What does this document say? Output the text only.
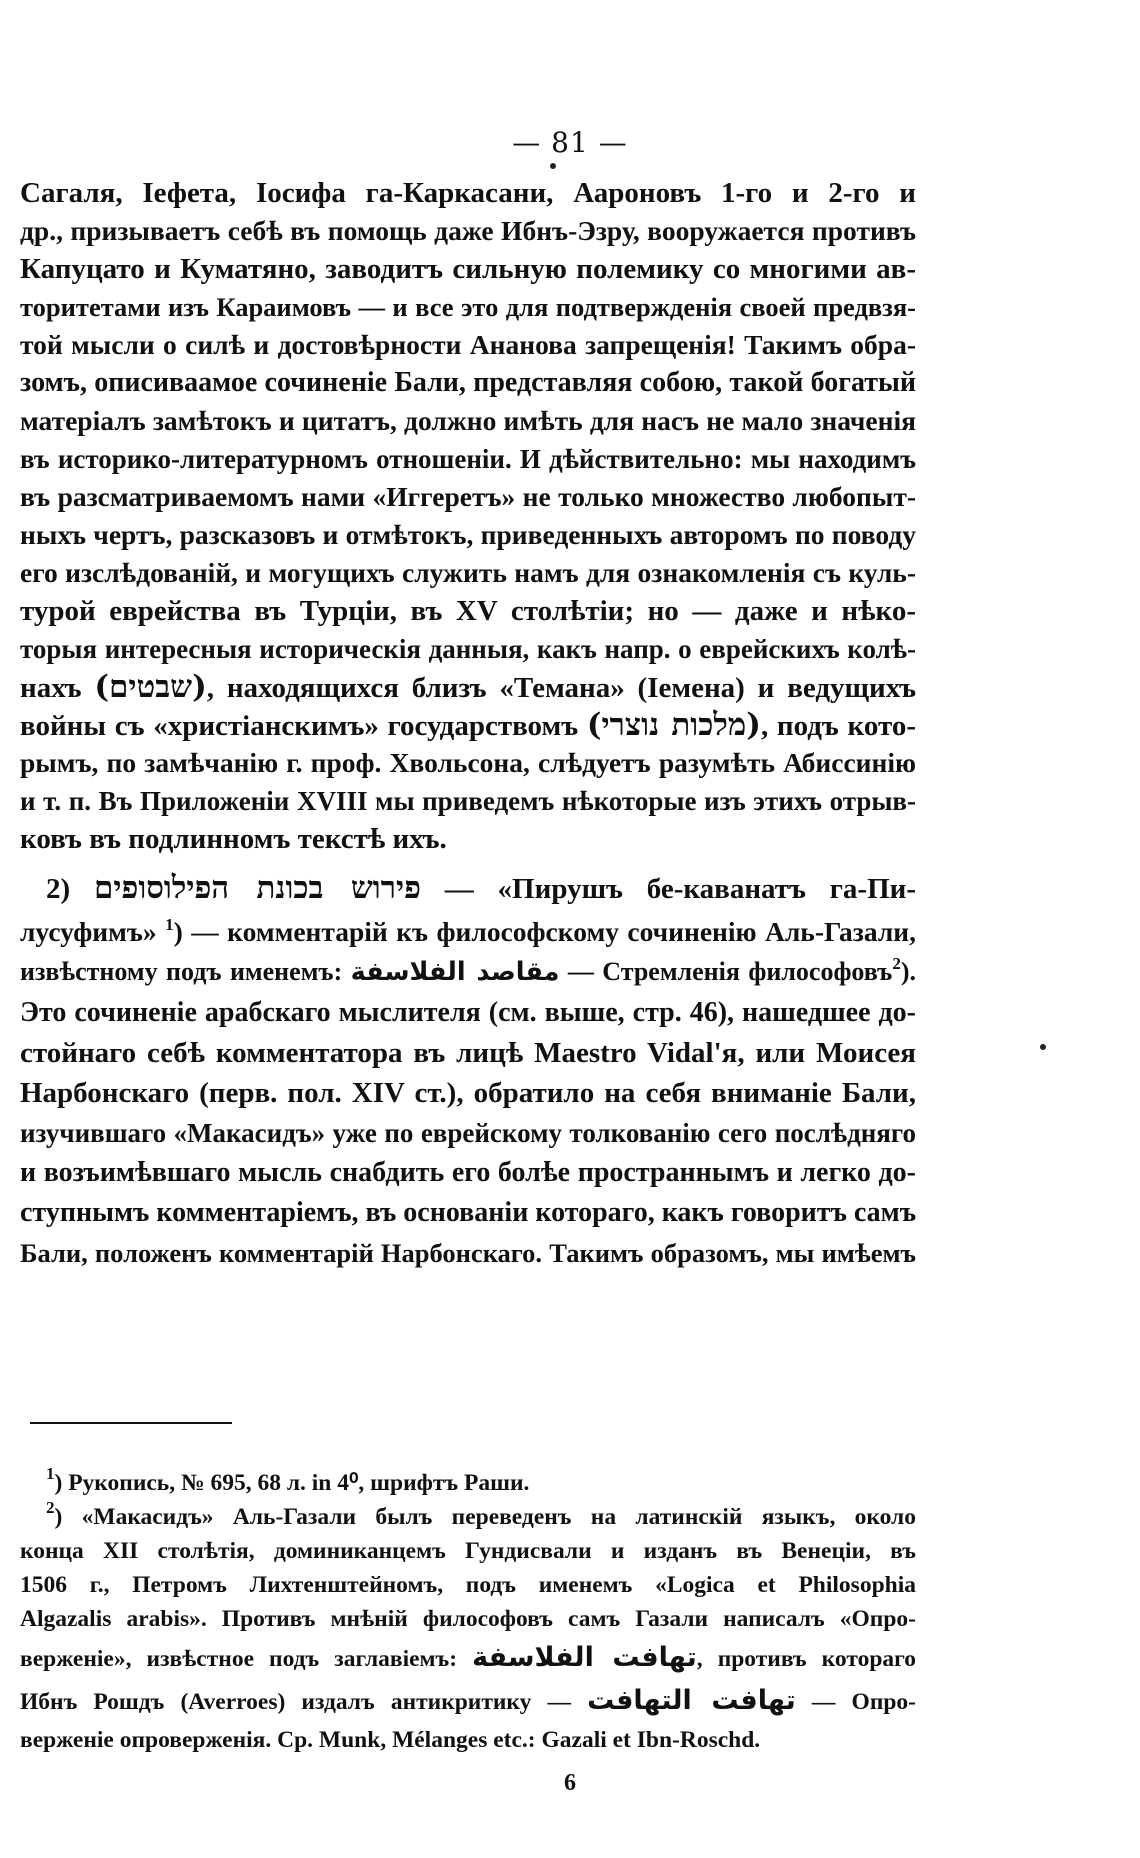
— 81 —
Сагаля, Іефета, Іосифа га-Каркасани, Аароновъ 1-го и 2-го и
др., призываетъ себѣ въ помощь даже Ибнъ-Эзру, вооружается противъ
Капуцато и Куматяно, заводитъ сильную полемику со многими ав-
торитетами изъ Караимовъ — и все это для подтвержденія своей предвзя-
той мысли о силѣ и достовѣрности Ананова запрещенія! Такимъ обра-
зомъ, описиваамое сочиненіе Бали, представляя собою, такой богатый
матеріалъ замѣтокъ и цитатъ, должно имѣть для насъ не мало значенія
въ историко-литературномъ отношеніи. И дѣйствительно: мы находимъ
въ разсматриваемомъ нами «Иггеретъ» не только множество любопыт-
ныхъ чертъ, разсказовъ и отмѣтокъ, приведенныхъ авторомъ по поводу
его изслѣдованій, и могущихъ служить намъ для ознакомленія съ куль-
турой еврейства въ Турціи, въ XV столѣтіи; но — даже и нѣко-
торыя интересныя историческія данныя, какъ напр. о еврейскихъ колѣ-
нахъ (שבטים), находящихся близъ «Темана» (Іемена) и ведущихъ
войны съ «христіанскимъ» государствомъ (מלכות נוצרי), подъ кото-
рымъ, по замѣчанію г. проф. Хвольсона, слѣдуетъ разумѣть Абиссинію
и т. п. Въ Приложеніи XVIII мы приведемъ нѣкоторые изъ этихъ отрыв-
ковъ въ подлинномъ текстѣ ихъ.
2) פירוש בכונת הפילוסופים — «Пирушъ бе-каванатъ га-Пи-
лусуфимъ» $^1$) — комментарій къ философскому сочиненію Аль-Газали,
извѣстному подъ именемъ: مقاصد الفلاسفة — Стремленія философовъ$^2$).
Это сочиненіе арабскаго мыслителя (см. выше, стр. 46), нашедшее до-
стойнаго себѣ комментатора въ лицѣ Maestro Vidal'я, или Моисея
Нарбонскаго (перв. пол. XIV ст.), обратило на себя вниманіе Бали,
изучившаго «Макасидъ» уже по еврейскому толкованію сего послѣдняго
и возъимѣвшаго мысль снабдить его болѣе пространнымъ и легко до-
ступнымъ комментаріемъ, въ основаніи котораго, какъ говоритъ самъ
Бали, положенъ комментарій Нарбонскаго. Такимъ образомъ, мы имѣемъ
$^1$) Рукопись, № 695, 68 л. in 4⁰, шрифтъ Раши.
$^2$) «Макасидъ» Аль-Газали былъ переведенъ на латинскій языкъ, около
конца XII столѣтія, доминиканцемъ Гундисвали и изданъ въ Венеціи, въ
1506 г., Петромъ Лихтенштейномъ, подъ именемъ «Logica et Philosophia
Algazalis arabis». Противъ мнѣній философовъ самъ Газали написалъ «Опро-
верженіе», извѣстное подъ заглавіемъ: تهافت الفلاسفة, противъ котораго
Ибнъ Рошдъ (Averroes) издалъ антикритику — تهافت التهافت — Опро-
верженіе опроверженія. Ср. Munk, Mélanges etc.: Gazali et Ibn-Roschd.
6
